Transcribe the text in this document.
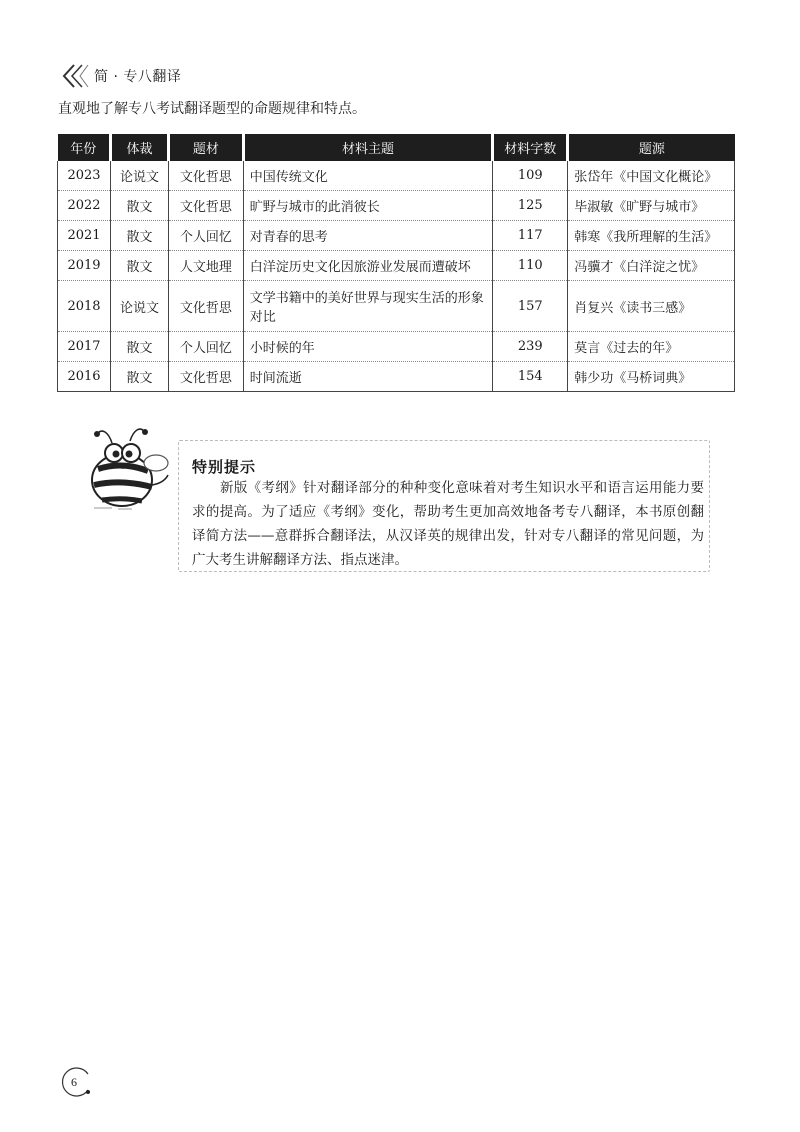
简 · 专八翻译
直观地了解专八考试翻译题型的命题规律和特点。
年份	体裁	题材	材料主题	材料字数	题源
2023	论说文	文化哲思	中国传统文化	109	张岱年《中国文化概论》
2022	散文	文化哲思	旷野与城市的此消彼长	125	毕淑敏《旷野与城市》
2021	散文	个人回忆	对青春的思考	117	韩寒《我所理解的生活》
2019	散文	人文地理	白洋淀历史文化因旅游业发展而遭破坏	110	冯骥才《白洋淀之忧》
2018	论说文	文化哲思	文学书籍中的美好世界与现实生活的形象对比	157	肖复兴《读书三感》
2017	散文	个人回忆	小时候的年	239	莫言《过去的年》
2016	散文	文化哲思	时间流逝	154	韩少功《马桥词典》
特别提示
新版《考纲》针对翻译部分的种种变化意味着对考生知识水平和语言运用能力要求的提高。为了适应《考纲》变化，帮助考生更加高效地备考专八翻译，本书原创翻译简方法——意群拆合翻译法，从汉译英的规律出发，针对专八翻译的常见问题，为广大考生讲解翻译方法、指点迷津。
6
